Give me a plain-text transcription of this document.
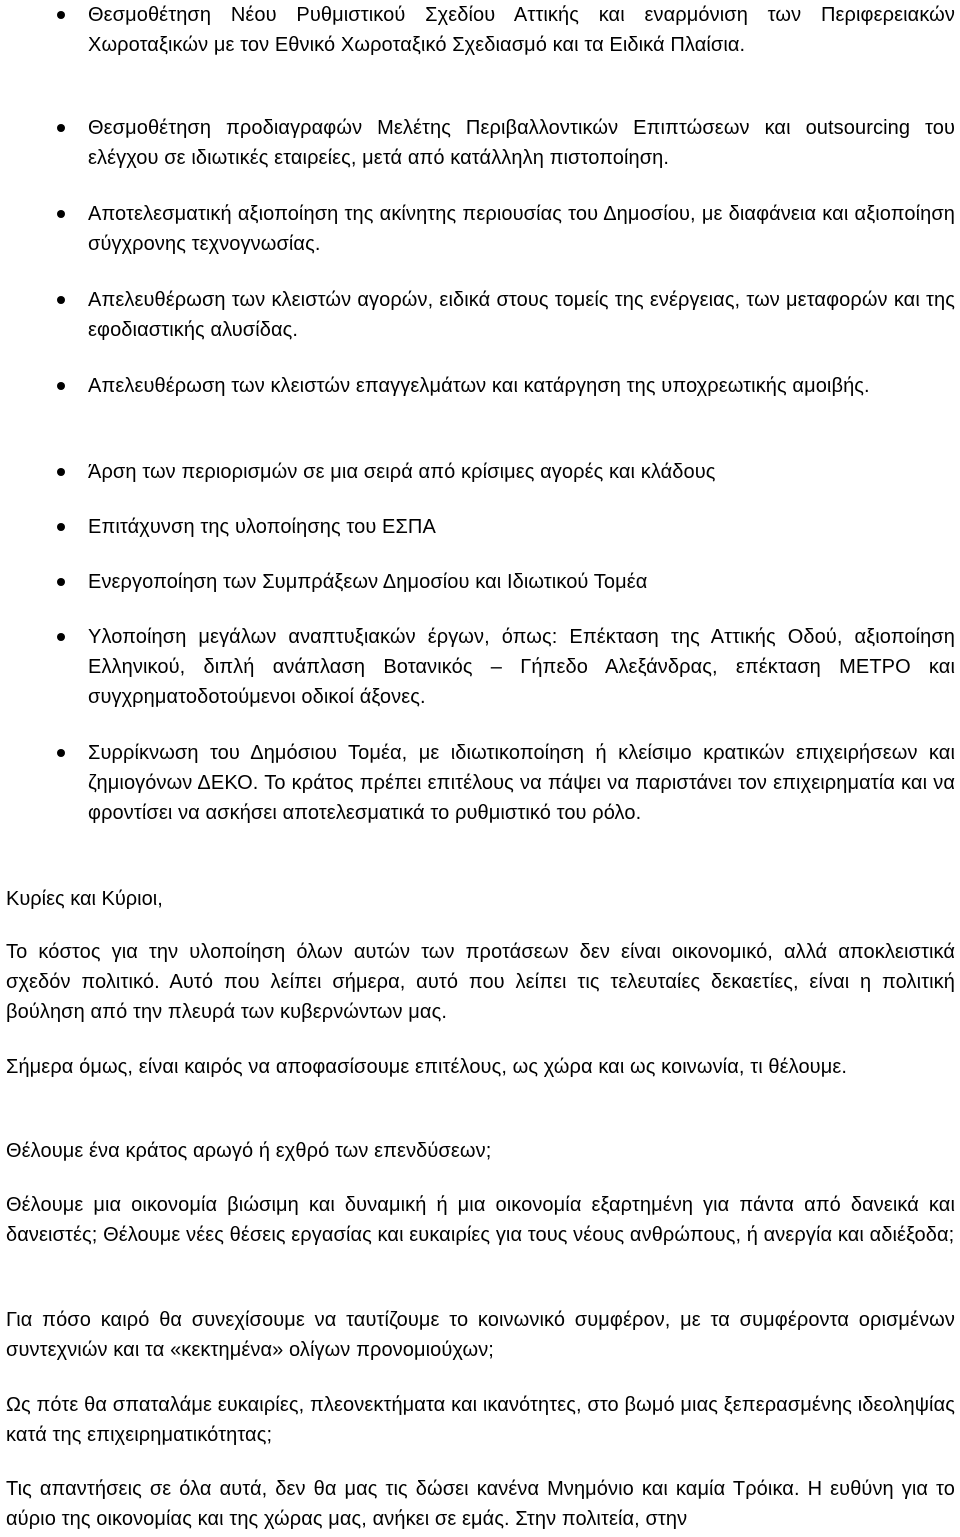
Θεσμοθέτηση Νέου Ρυθμιστικού Σχεδίου Αττικής και εναρμόνιση των Περιφερειακών Χωροταξικών με τον Εθνικό Χωροταξικό Σχεδιασμό και τα Ειδικά Πλαίσια.
Θεσμοθέτηση προδιαγραφών Μελέτης Περιβαλλοντικών Επιπτώσεων και outsourcing του ελέγχου σε ιδιωτικές εταιρείες, μετά από κατάλληλη πιστοποίηση.
Αποτελεσματική αξιοποίηση της ακίνητης περιουσίας του Δημοσίου, με διαφάνεια και αξιοποίηση σύγχρονης τεχνογνωσίας.
Απελευθέρωση των κλειστών αγορών, ειδικά στους τομείς της ενέργειας, των μεταφορών και της εφοδιαστικής αλυσίδας.
Απελευθέρωση των κλειστών επαγγελμάτων και κατάργηση της υποχρεωτικής αμοιβής.
Άρση των περιορισμών σε μια σειρά από κρίσιμες αγορές και κλάδους
Επιτάχυνση της υλοποίησης του ΕΣΠΑ
Ενεργοποίηση των Συμπράξεων Δημοσίου και Ιδιωτικού Τομέα
Υλοποίηση μεγάλων αναπτυξιακών έργων, όπως: Επέκταση της Αττικής Οδού, αξιοποίηση Ελληνικού, διπλή ανάπλαση Βοτανικός – Γήπεδο Αλεξάνδρας, επέκταση ΜΕΤΡΟ και συγχρηματοδοτούμενοι οδικοί άξονες.
Συρρίκνωση του Δημόσιου Τομέα, με ιδιωτικοποίηση ή κλείσιμο κρατικών επιχειρήσεων και ζημιογόνων ΔΕΚΟ. Το κράτος πρέπει επιτέλους να πάψει να παριστάνει τον επιχειρηματία και να φροντίσει να ασκήσει αποτελεσματικά το ρυθμιστικό του ρόλο.

Κυρίες και Κύριοι,

Το κόστος για την υλοποίηση όλων αυτών των προτάσεων δεν είναι οικονομικό, αλλά αποκλειστικά σχεδόν πολιτικό. Αυτό που λείπει σήμερα, αυτό που λείπει τις τελευταίες δεκαετίες, είναι η πολιτική βούληση από την πλευρά των κυβερνώντων μας.

Σήμερα όμως, είναι καιρός να αποφασίσουμε επιτέλους, ως χώρα και ως κοινωνία, τι θέλουμε.

Θέλουμε ένα κράτος αρωγό ή εχθρό των επενδύσεων;

Θέλουμε μια οικονομία βιώσιμη και δυναμική ή μια οικονομία εξαρτημένη για πάντα από δανεικά και δανειστές; Θέλουμε νέες θέσεις εργασίας και ευκαιρίες για τους νέους ανθρώπους, ή ανεργία και αδιέξοδα;

Για πόσο καιρό θα συνεχίσουμε να ταυτίζουμε το κοινωνικό συμφέρον, με τα συμφέροντα ορισμένων συντεχνιών και τα «κεκτημένα» ολίγων προνομιούχων;

Ως πότε θα σπαταλάμε ευκαιρίες, πλεονεκτήματα και ικανότητες, στο βωμό μιας ξεπερασμένης ιδεοληψίας κατά της επιχειρηματικότητας;

Τις απαντήσεις σε όλα αυτά, δεν θα μας τις δώσει κανένα Μνημόνιο και καμία Τρόικα. Η ευθύνη για το αύριο της οικονομίας και της χώρας μας, ανήκει σε εμάς. Στην πολιτεία, στην
